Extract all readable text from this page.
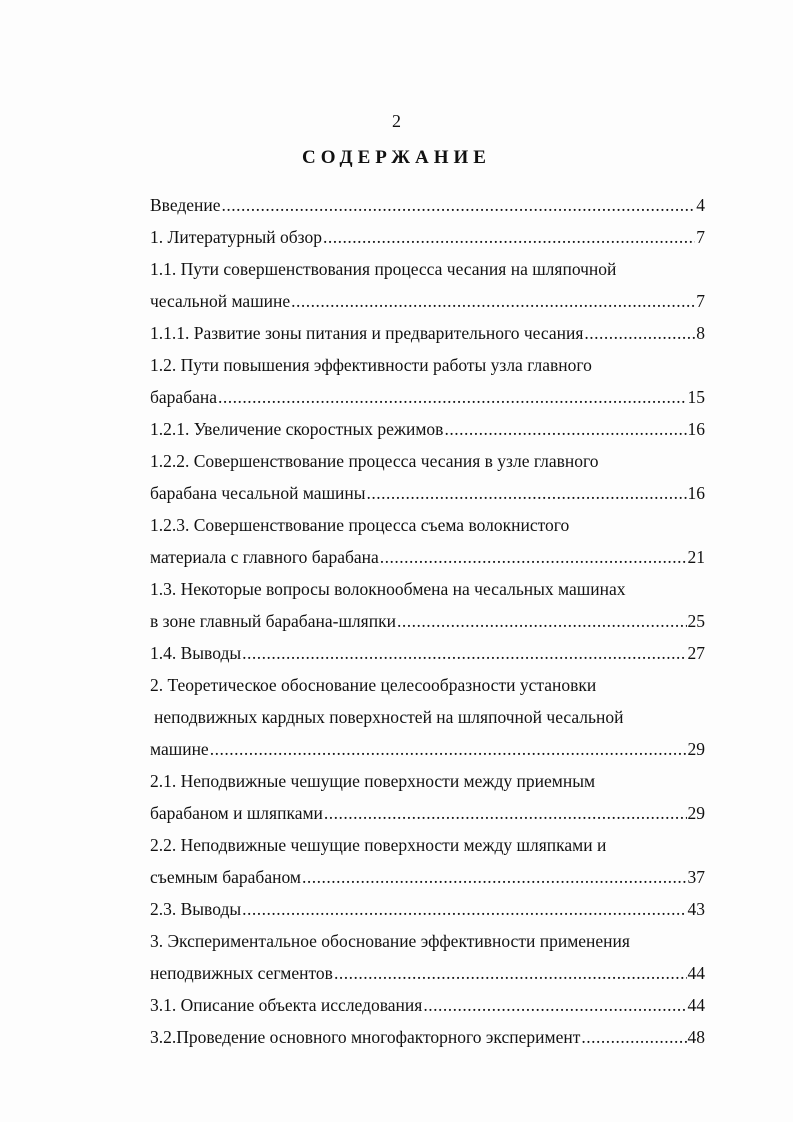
2
СОДЕРЖАНИЕ
Введение .....	4
1. Литературный обзор .....	7
1.1. Пути совершенствования процесса чесания на шляпочной
чесальной машине .....	7
1.1.1. Развитие зоны питания и предварительного чесания .....	8
1.2. Пути повышения эффективности работы узла главного
барабана .....	15
1.2.1. Увеличение скоростных режимов .....	16
1.2.2. Совершенствование процесса чесания в узле главного
барабана чесальной машины .....	16
1.2.3. Совершенствование процесса съема волокнистого
материала с главного барабана .....	21
1.3. Некоторые вопросы волокнообмена на чесальных машинах
в зоне главный барабана-шляпки .....	25
1.4. Выводы .....	27
2. Теоретическое обоснование целесообразности установки
неподвижных кардных поверхностей на шляпочной чесальной
машине .....	29
2.1. Неподвижные чешущие поверхности между приемным
барабаном и шляпками .....	29
2.2. Неподвижные чешущие поверхности между шляпками и
съемным барабаном .....	37
2.3. Выводы .....	43
3. Экспериментальное обоснование эффективности применения
неподвижных сегментов .....	44
3.1. Описание объекта исследования .....	44
3.2.Проведение основного многофакторного эксперимент .....	48
